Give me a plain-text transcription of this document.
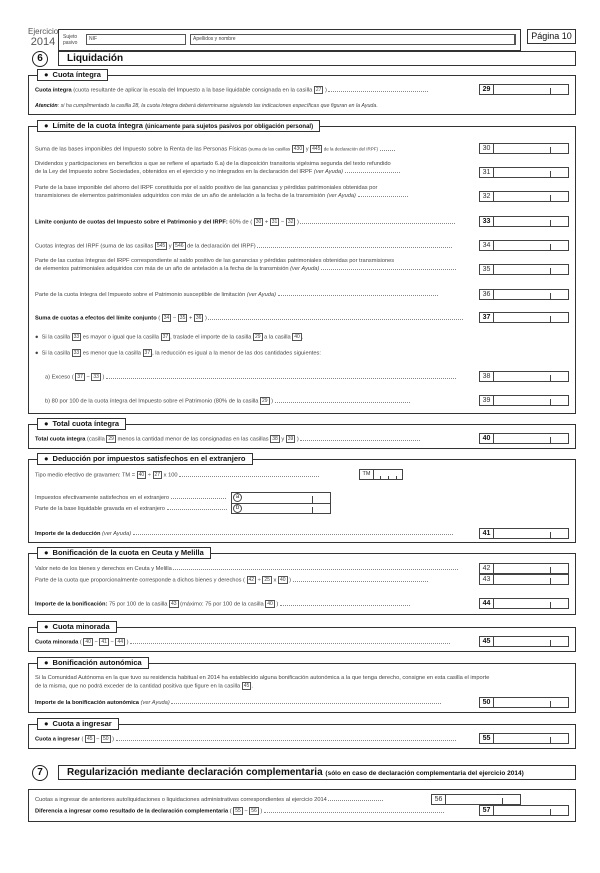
Ejercicio
2014	Sujeto pasivo
NIF	Apellidos y nombre	Página 10
6	Liquidación
● Cuota íntegra
Cuota íntegra (cuota resultante de aplicar la escala del Impuesto a la base liquidable consignada en la casilla 27 )	29
Atención: si ha cumplimentado la casilla 28, la cuota íntegra deberá determinarse siguiendo las indicaciones específicas que figuran en la Ayuda.
● Límite de la cuota íntegra (únicamente para sujetos pasivos por obligación personal)
Suma de las bases imponibles del Impuesto sobre la Renta de las Personas Físicas (suma de las casillas 430 y 445 de la declaración del IRPF)	30
Dividendos y participaciones en beneficios a que se refiere el apartado 6.a) de la disposición transitoria vigésima segunda del texto refundido
de la Ley del Impuesto sobre Sociedades, obtenidos en el ejercicio y no integrados en la declaración del IRPF (ver Ayuda)	31
Parte de la base imponible del ahorro del IRPF constituida por el saldo positivo de las ganancias y pérdidas patrimoniales obtenidas por
transmisiones de elementos patrimoniales adquiridos con más de un año de antelación a la fecha de la transmisión (ver Ayuda)	32
Límite conjunto de cuotas del Impuesto sobre el Patrimonio y del IRPF: 60% de ( 30 + 31 − 32 )	33
Cuotas íntegras del IRPF (suma de las casillas 545 y 546 de la declaración del IRPF)	34
Parte de las cuotas íntegras del IRPF correspondiente al saldo positivo de las ganancias y pérdidas patrimoniales obtenidas por transmisiones
de elementos patrimoniales adquiridos con más de un año de antelación a la fecha de la transmisión (ver Ayuda)	35
Parte de la cuota íntegra del Impuesto sobre el Patrimonio susceptible de limitación (ver Ayuda)	36
Suma de cuotas a efectos del límite conjunto ( 34 − 35 + 36 )	37
●  Si la casilla 33 es mayor o igual que la casilla 37 , traslade el importe de la casilla 29 a la casilla 40 .
●  Si la casilla 33 es menor que la casilla 37 , la reducción es igual a la menor de las dos cantidades siguientes:
a) Exceso ( 37 − 33 )	38
b) 80 por 100 de la cuota íntegra del Impuesto sobre el Patrimonio (80% de la casilla 29 )	39
● Total cuota íntegra
Total cuota íntegra (casilla 29 menos la cantidad menor de las consignadas en las casillas 38 y 39 )	40
● Deducción por impuestos satisfechos en el extranjero
Tipo medio efectivo de gravamen: TM = 40 ÷ 27 x 100	TM
Impuestos efectivamente satisfechos en el extranjero	a
Parte de la base liquidable gravada en el extranjero	b
Importe de la deducción (ver Ayuda)	41
● Bonificación de la cuota en Ceuta y Melilla
Valor neto de los bienes y derechos en Ceuta y Melilla	42
Parte de la cuota que proporcionalmente corresponde a dichos bienes y derechos ( 42 ÷ 25 x 40 )	43
Importe de la bonificación: 75 por 100 de la casilla 43 (máximo: 75 por 100 de la casilla 40 )	44
● Cuota minorada
Cuota minorada ( 40 − 41 − 44 )	45
● Bonificación autonómica
Si la Comunidad Autónoma en la que tuvo su residencia habitual en 2014 ha establecido alguna bonificación autonómica a la que tenga derecho, consigne en esta casilla el importe
de la misma, que no podrá exceder de la cantidad positiva que figure en la casilla 45 .
Importe de la bonificación autonómica (ver Ayuda)	50
● Cuota a ingresar
Cuota a ingresar ( 45 − 50 )	55
7	Regularización mediante declaración complementaria (sólo en caso de declaración complementaria del ejercicio 2014)
Cuotas a ingresar de anteriores autoliquidaciones o liquidaciones administrativas correspondientes al ejercicio 2014	56
Diferencia a ingresar como resultado de la declaración complementaria ( 55 − 56 )	57
